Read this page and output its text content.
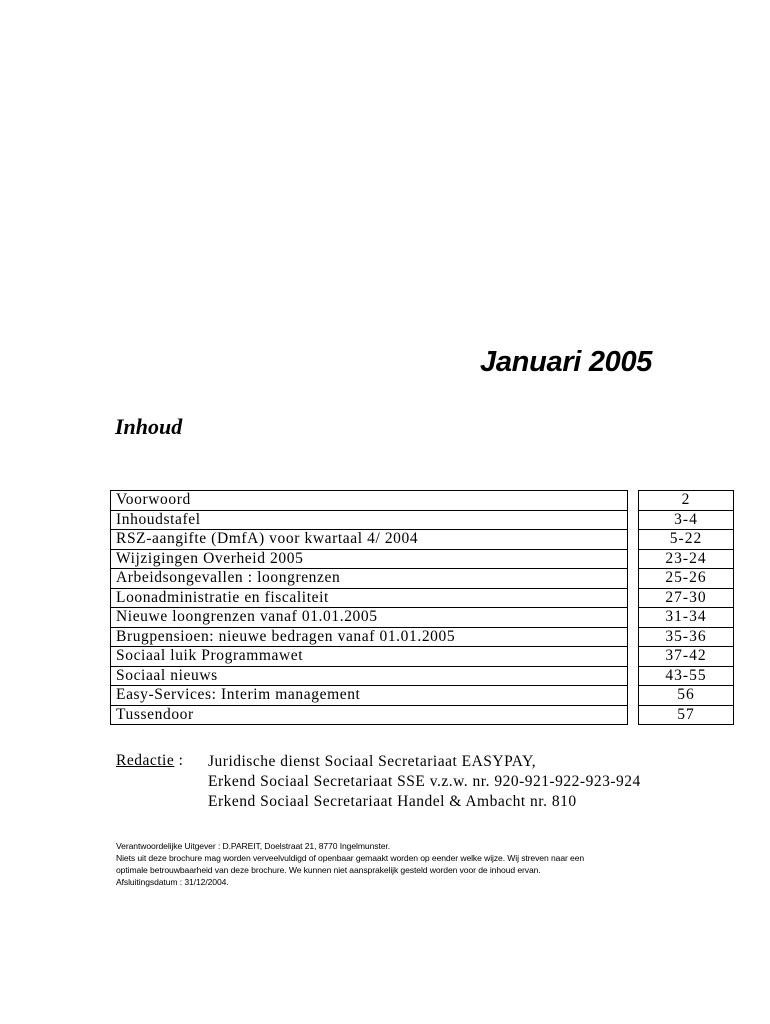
Januari 2005
Inhoud
Voorwoord
Inhoudstafel
RSZ-aangifte (DmfA) voor kwartaal 4/ 2004
Wijzigingen Overheid 2005
Arbeidsongevallen : loongrenzen
Loonadministratie en fiscaliteit
Nieuwe loongrenzen vanaf 01.01.2005
Brugpensioen: nieuwe bedragen vanaf 01.01.2005
Sociaal luik Programmawet
Sociaal nieuws
Easy-Services: Interim management
Tussendoor
2
3-4
5-22
23-24
25-26
27-30
31-34
35-36
37-42
43-55
56
57
Redactie : Juridische dienst Sociaal Secretariaat EASYPAY,
Erkend Sociaal Secretariaat SSE v.z.w. nr. 920-921-922-923-924
Erkend Sociaal Secretariaat Handel & Ambacht nr. 810
Verantwoordelijke Uitgever : D.PAREIT, Doelstraat 21, 8770 Ingelmunster.
Niets uit deze brochure mag worden verveelvuldigd of openbaar gemaakt worden op eender welke wijze. Wij streven naar een
optimale betrouwbaarheid van deze brochure. We kunnen niet aansprakelijk gesteld worden voor de inhoud ervan.
Afsluitingsdatum : 31/12/2004.
